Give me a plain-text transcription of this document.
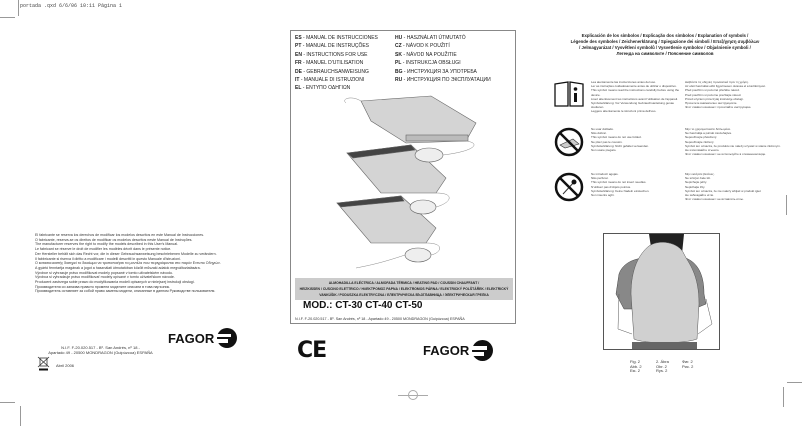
portada .qxd 6/6/06 10:11 Página 1
El fabricante se reserva los derechos de modificar los modelos descritos en este Manual de Instrucciones.
O fabricante, reserva-se os direitos de modificar os modelos descritos neste Manual de Instruções.
The manufacturer reserves the right to modify the models described in this User's Manual.
Le fabricant se réserve le droit de modifier les modèles décrit dans le présente notice.
Der Hersteller behält sich das Recht vor, die in dieser Gebrauchsanweisung beschriebenen Modelle zu verändern.
Il fabbricante si riserva il diritto a modificare i modelli descritti in questo Manuale d'Istruzioni.
O κατασκευαστής διατηρεί το δικαίωμα να τροποποιήσει τα μοντέλα που περιγράφονται στο παρόν Εντυπο Οδηγιών.
A gyártó fenntartja magának a jogot a használati útmutatóban közölt műszaki adatok megváltoztatására.
Výrobce si vyhrazuje právo modifikovat modely popsané v tomto uživatelském návodu.
Výrobca si vyhradzuje právo modifikovať modely opísané v tomto užívateľskom návode.
Producent zastrzega sobie prawo do modyfikowania modeli opisanych w niniejszej instrukcji obsługi.
Производителя си запазва правото промени моделите описани в това наръчник.
Производитель оставляет за собой право замены модели, описанные в данном Руководстве пользователя.
FAGOR
N.I.F. F-20.020.517 - Bº. San Andrés, nº 18 -
Apartado 49 - 20500 MONDRAGON (Guipúzcoa) ESPAÑA
Abril 2006
ES - MANUAL DE INSTRUCCIONES	HU - HASZNÁLATI ÚTMUTATÓ
PT - MANUAL DE INSTRUÇÕES	CZ - NÁVOD K POUŽITÍ
EN - INSTRUCTIONS FOR USE	SK - NÁVOD NA POUŽITIE
FR - MANUEL D'UTILISATION	PL - INSTRUKCJA OBSŁUGI
DE - GEBRAUCHSANWEISUNG	BG - ИНСТРУКЦИЯ ЗА УПОТРЕБА
IT - MANUALE DI ISTRUZIONI	RU - ИНСТРУКЦИЯ ПО ЭКСПЛУАТАЦИИ
EL - ΕΝΤΥΠΟ ΟΔΗΓΙΩΝ
ALMOHADILLA ELÉCTRICA / ALMOFADA TÉRMICA / HEATING PAD / COUSSIN CHAUFFANT /
HEIZKISSEN / CUSCINO ELETTRICO / ΗΛΕΚΤΡΟΜΟΣ ΡΑΡΝΑ / ELEKTROMOS PÁRNA / ELEKTRICKÝ POLŠTÁŘEK / ELEKTRICKÝ
VANKÚŠIK / PODUSZKA ELEKTRYCZNA / ЕЛЕКТРИЧЕСКА ВЪЗГЛАВНИЦА / ЭЛЕКТРИЧЕСКАЯ ГРЕЛКА
MOD.: CT-30 CT-40 CT-50
N.I.F. F-20.020.517 - Bº. San Andrés, nº 18 - Apartado 49 - 20500 MONDRAGON (Guipúzcoa) ESPAÑA
CE	FAGOR
Explicación de los símbolos / Explicação dos símbolos / Explanation of symbols /
Légende des symboles / Zeichenerklärung / Spiegazione dei simboli / Επεξήγηση συμβόλων
/ Jelmagyarázat / Vysvětlení symbolů / Vysvetlenie symbolov / Objaśnienie symboli /
Легенда на символите / Пояснение символов
Lea atentamente las instrucciones antes del uso.
Ler as instruções cuidadosamente antes de utilizar o dispositivo.
This symbol means read the instructions carefully before using the device.
Lisez attentivement les instructions avant l'utilisation de l'appareil.
Symbolerklärung: Vor Verwendung Gebrauchsanleitung genau studieren.
Leggere attentamente le istruzioni prima dell'uso.
Διαβάστε τις οδηγίες προσεκτικά πριν τη χρήση.
Az első használat előtt figyelmesen olvassa el a kézikönyvet.
Před použitím si pozorně přečtěte návod.
Pred použitím si pozorne prečítajte návod.
Przed użyciem przeczytaj instrukcję obsługi.
Прочетете внимателно инструкциите.
Этот символ означает: прочитайте инструкцию.
No usar doblado.
Não dobrar.
This symbol means do not use folded.
Ne pliez pas le coussin.
Symbolerklärung: Nicht gefaltet verwenden.
Non usare piegato.
Μην το χρησιμοποιείτε διπλωμένο.
Ne használja a párnát összehajtva.
Nepoužívejte přeložený.
Nepoužívajte zložený.
Symbol ten oznacza, że produktu nie należy używać w stanie złożonym.
Не използвайте сгънато.
Этот символ означает: не используйте в сложенном виде.
No introducir agujas.
Não perfurar.
This symbol means do not insert needles.
N'utilisez pas d'objets pointus.
Symbolerklärung: Keine Nadeln einstechen.
Non inserire aghi.
Μην εισάγετε βελόνες.
Ne szúrjon bele tűt.
Nepíchejte jehly.
Nepichajte ihly.
Symbol ten oznacza, że nie należy wbijać w produkt igieł.
Не забождайте игли.
Этот символ означает: не вставлять иглы.
Fig. 2	2. Ábra	Фиг. 2
Abb. 2	Obr. 2	Рис. 2
Εικ. 2	Rys. 2
